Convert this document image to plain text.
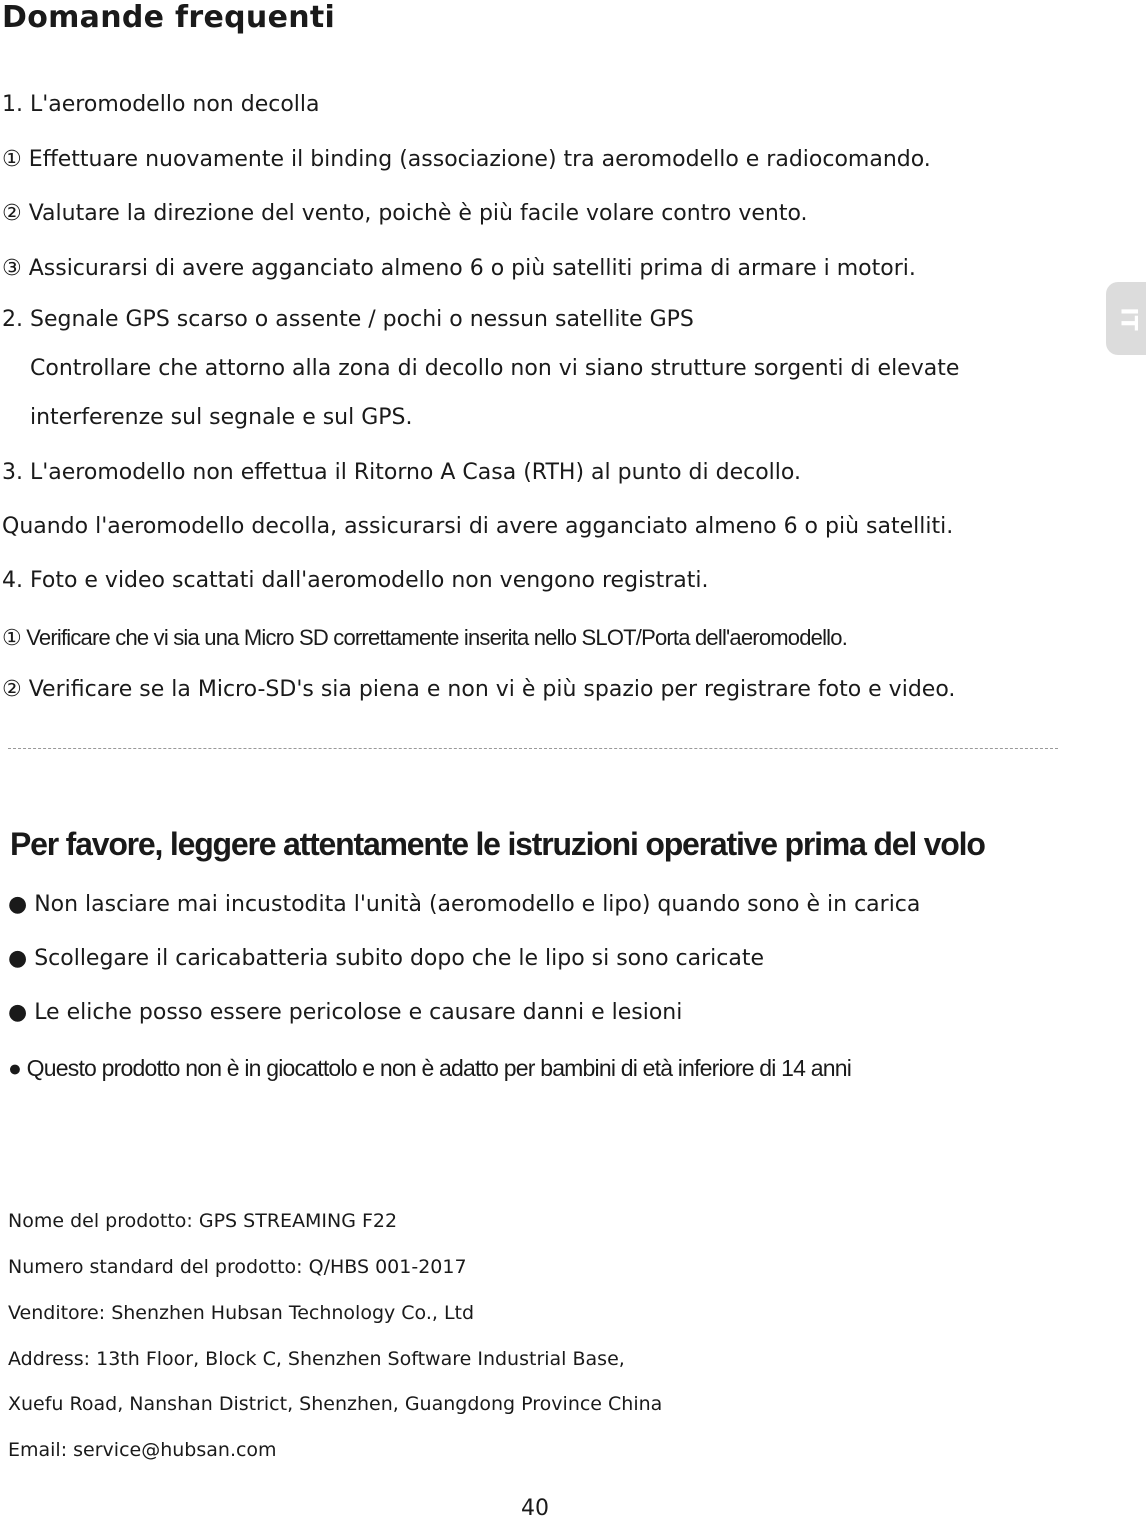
Domande frequenti
1. L'aeromodello non decolla
① Effettuare nuovamente il binding (associazione) tra aeromodello e radiocomando.
② Valutare la direzione del vento, poichè è più facile volare contro vento.
③ Assicurarsi di avere agganciato almeno 6 o più satelliti prima di armare i motori.
2. Segnale GPS scarso o assente / pochi o nessun satellite GPS
Controllare che attorno alla zona di decollo non vi siano strutture sorgenti di elevate
interferenze sul segnale e sul GPS.
3. L'aeromodello non effettua il Ritorno A Casa (RTH) al punto di decollo.
Quando l'aeromodello decolla, assicurarsi di avere agganciato almeno 6 o più satelliti.
4. Foto e video scattati dall'aeromodello non vengono registrati.
① Verificare che vi sia una Micro SD correttamente inserita nello SLOT/Porta dell'aeromodello.
② Verificare se la Micro-SD's sia piena e non vi è più spazio per registrare foto e video.
Per favore, leggere attentamente le istruzioni operative prima del volo
● Non lasciare mai incustodita l'unità (aeromodello e lipo) quando sono è in carica
● Scollegare il caricabatteria subito dopo che le lipo si sono caricate
● Le eliche posso essere pericolose e causare danni e lesioni
● Questo prodotto non è in giocattolo e non è adatto per bambini di età inferiore di 14 anni
Nome del prodotto: GPS STREAMING F22
Numero standard del prodotto: Q/HBS 001-2017
Venditore: Shenzhen Hubsan Technology Co., Ltd
Address: 13th Floor, Block C, Shenzhen Software Industrial Base,
Xuefu Road, Nanshan District, Shenzhen, Guangdong Province China
Email: service@hubsan.com
40
IT
